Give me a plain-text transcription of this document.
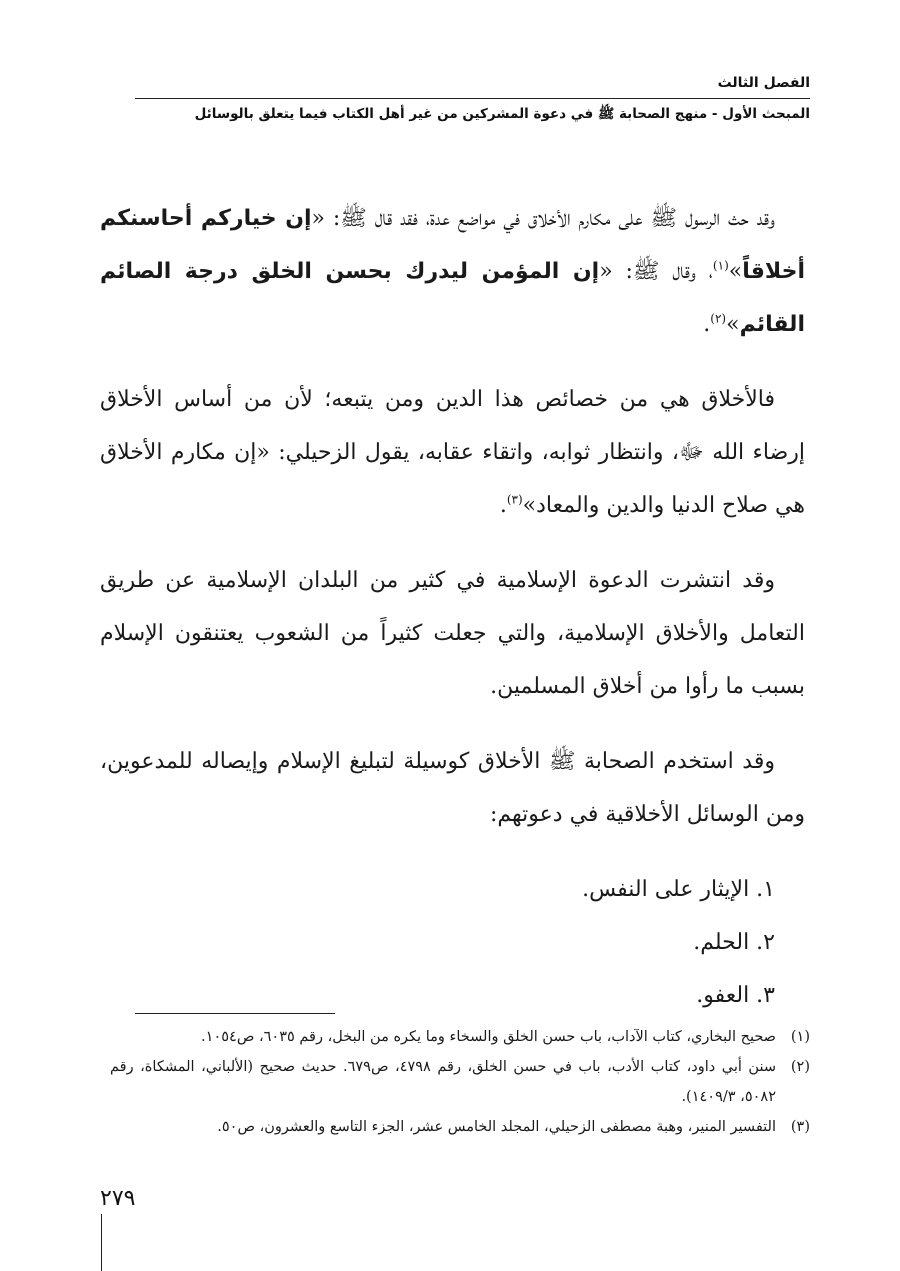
الفصل الثالث
المبحث الأول - منهج الصحابة ﷺ في دعوة المشركين من غير أهل الكتاب فيما يتعلق بالوسائل

وقد حث الرسول ﷺ على مكارم الأخلاق في مواضع عدة، فقد قال ﷺ: «إن خياركم أحاسنكم أخلاقاً»$^{(١)}$، وقال ﷺ: «إن المؤمن ليدرك بحسن الخلق درجة الصائم القائم»$^{(٢)}$.

فالأخلاق هي من خصائص هذا الدين ومن يتبعه؛ لأن من أساس الأخلاق إرضاء الله ﷻ، وانتظار ثوابه، واتقاء عقابه، يقول الزحيلي: «إن مكارم الأخلاق هي صلاح الدنيا والدين والمعاد»$^{(٣)}$.

وقد انتشرت الدعوة الإسلامية في كثير من البلدان الإسلامية عن طريق التعامل والأخلاق الإسلامية، والتي جعلت كثيراً من الشعوب يعتنقون الإسلام بسبب ما رأوا من أخلاق المسلمين.

وقد استخدم الصحابة ﷺ الأخلاق كوسيلة لتبليغ الإسلام وإيصاله للمدعوين، ومن الوسائل الأخلاقية في دعوتهم:

١. الإيثار على النفس.
٢. الحلم.
٣. العفو.
(١)
صحيح البخاري، كتاب الآداب، باب حسن الخلق والسخاء وما يكره من البخل، رقم ٦٠٣٥، ص١٠٥٤.
(٢)
سنن أبي داود، كتاب الأدب، باب في حسن الخلق، رقم ٤٧٩٨، ص٦٧٩. حديث صحيح (الألباني، المشكاة، رقم ٥٠٨٢، ١٤٠٩/٣).
(٣)
التفسير المنير، وهبة مصطفى الزحيلي، المجلد الخامس عشر، الجزء التاسع والعشرون، ص٥٠.
٢٧٩
